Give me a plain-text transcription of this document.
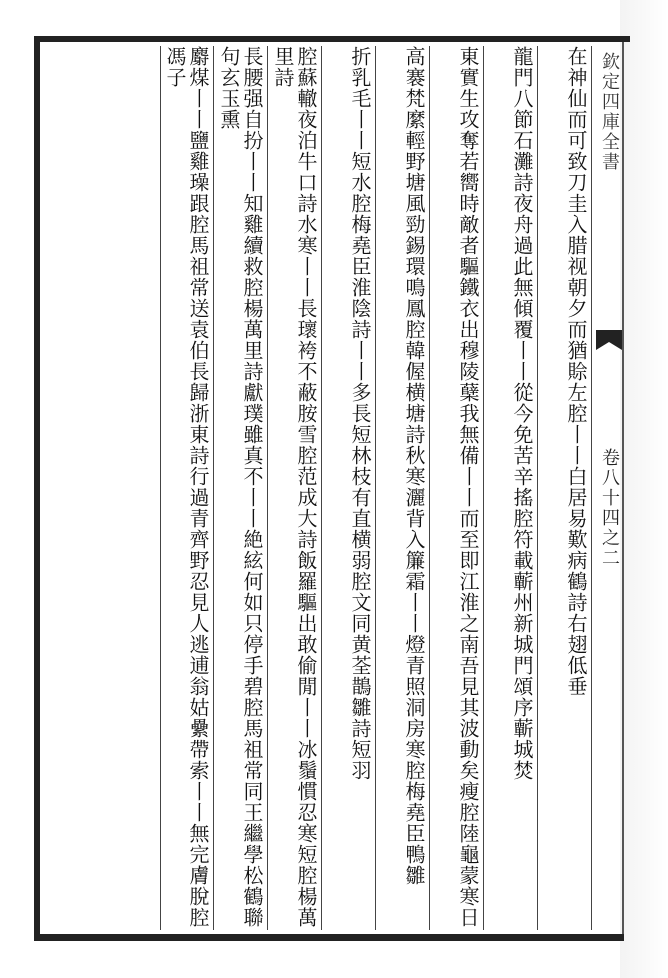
欽定四庫全書
卷八十四之二
在神仙而可致刀圭入腊视朝夕而猶賒左腔丨丨白居易歎病鶴詩右翅低垂
龍門八節石灘詩夜舟過此無傾覆丨丨從今免苦辛搖腔符載蘄州新城門頌序蘄城焚
東實生攻奪若嚮時敵者驅鐵衣出穆陵蘖我無備丨丨而至即江淮之南吾見其波動矣瘦腔陸龜蒙寒日
高褰梵縻輕野塘風勁錫環鳴鳳腔韓偓横塘詩秋寒灑背入簾霜丨丨燈青照洞房寒腔梅堯臣鴨雛
折乳毛丨丨短水腔梅堯臣淮陰詩丨丨多長短林枝有直横弱腔文同黄荃鵲雛詩短羽
腔蘇轍夜泊牛口詩水寒丨丨長瓌袴不蔽胺雪腔范成大詩飯羅驅出敢偷閒丨丨冰鬚慣忍寒短腔楊萬里詩
長腰强自扮丨丨知雞續救腔楊萬里詩獻璞雖真不丨丨絶絃何如只停手碧腔馬祖常同王繼學松鶴聯句玄玉熏
麝煤丨丨鹽雞璪跟腔馬祖常送袁伯長歸浙東詩行過青齊野忍見人逃逋翁姑纍帶索丨丨無完膚脫腔馮子
